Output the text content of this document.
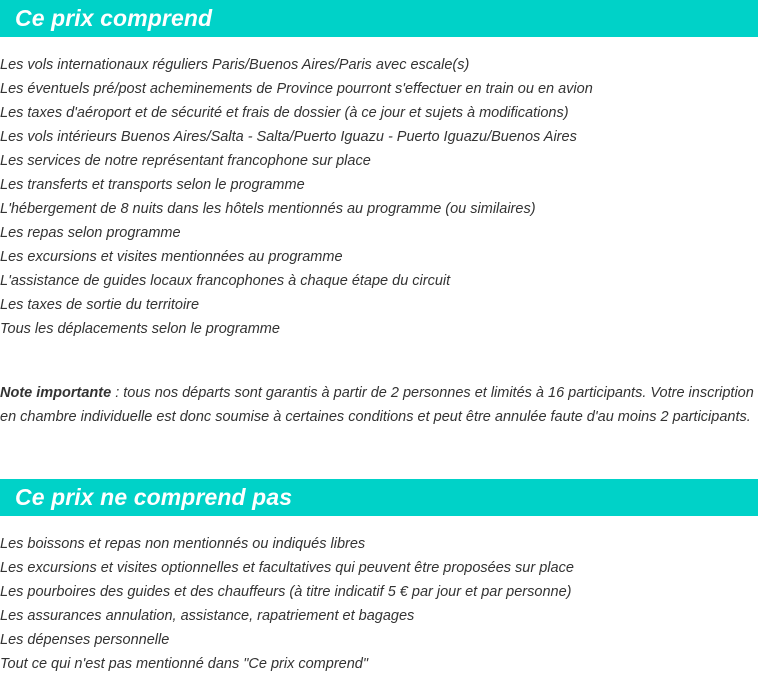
Ce prix comprend
Les vols internationaux réguliers Paris/Buenos Aires/Paris avec escale(s)
Les éventuels pré/post acheminements de Province pourront s'effectuer en train ou en avion
Les taxes d'aéroport et de sécurité et frais de dossier (à ce jour et sujets à modifications)
Les vols intérieurs Buenos Aires/Salta - Salta/Puerto Iguazu - Puerto Iguazu/Buenos Aires
Les services de notre représentant francophone sur place
Les transferts et transports selon le programme
L'hébergement de 8 nuits dans les hôtels mentionnés au programme (ou similaires)
Les repas selon programme
Les excursions et visites mentionnées au programme
L'assistance de guides locaux francophones à chaque étape du circuit
Les taxes de sortie du territoire
Tous les déplacements selon le programme

Note importante : tous nos départs sont garantis à partir de 2 personnes et limités à 16 participants. Votre inscription en chambre individuelle est donc soumise à certaines conditions et peut être annulée faute d'au moins 2 participants.

Ce prix ne comprend pas
Les boissons et repas non mentionnés ou indiqués libres
Les excursions et visites optionnelles et facultatives qui peuvent être proposées sur place
Les pourboires des guides et des chauffeurs (à titre indicatif 5 € par jour et par personne)
Les assurances annulation, assistance, rapatriement et bagages
Les dépenses personnelle
Tout ce qui n'est pas mentionné dans "Ce prix comprend"
